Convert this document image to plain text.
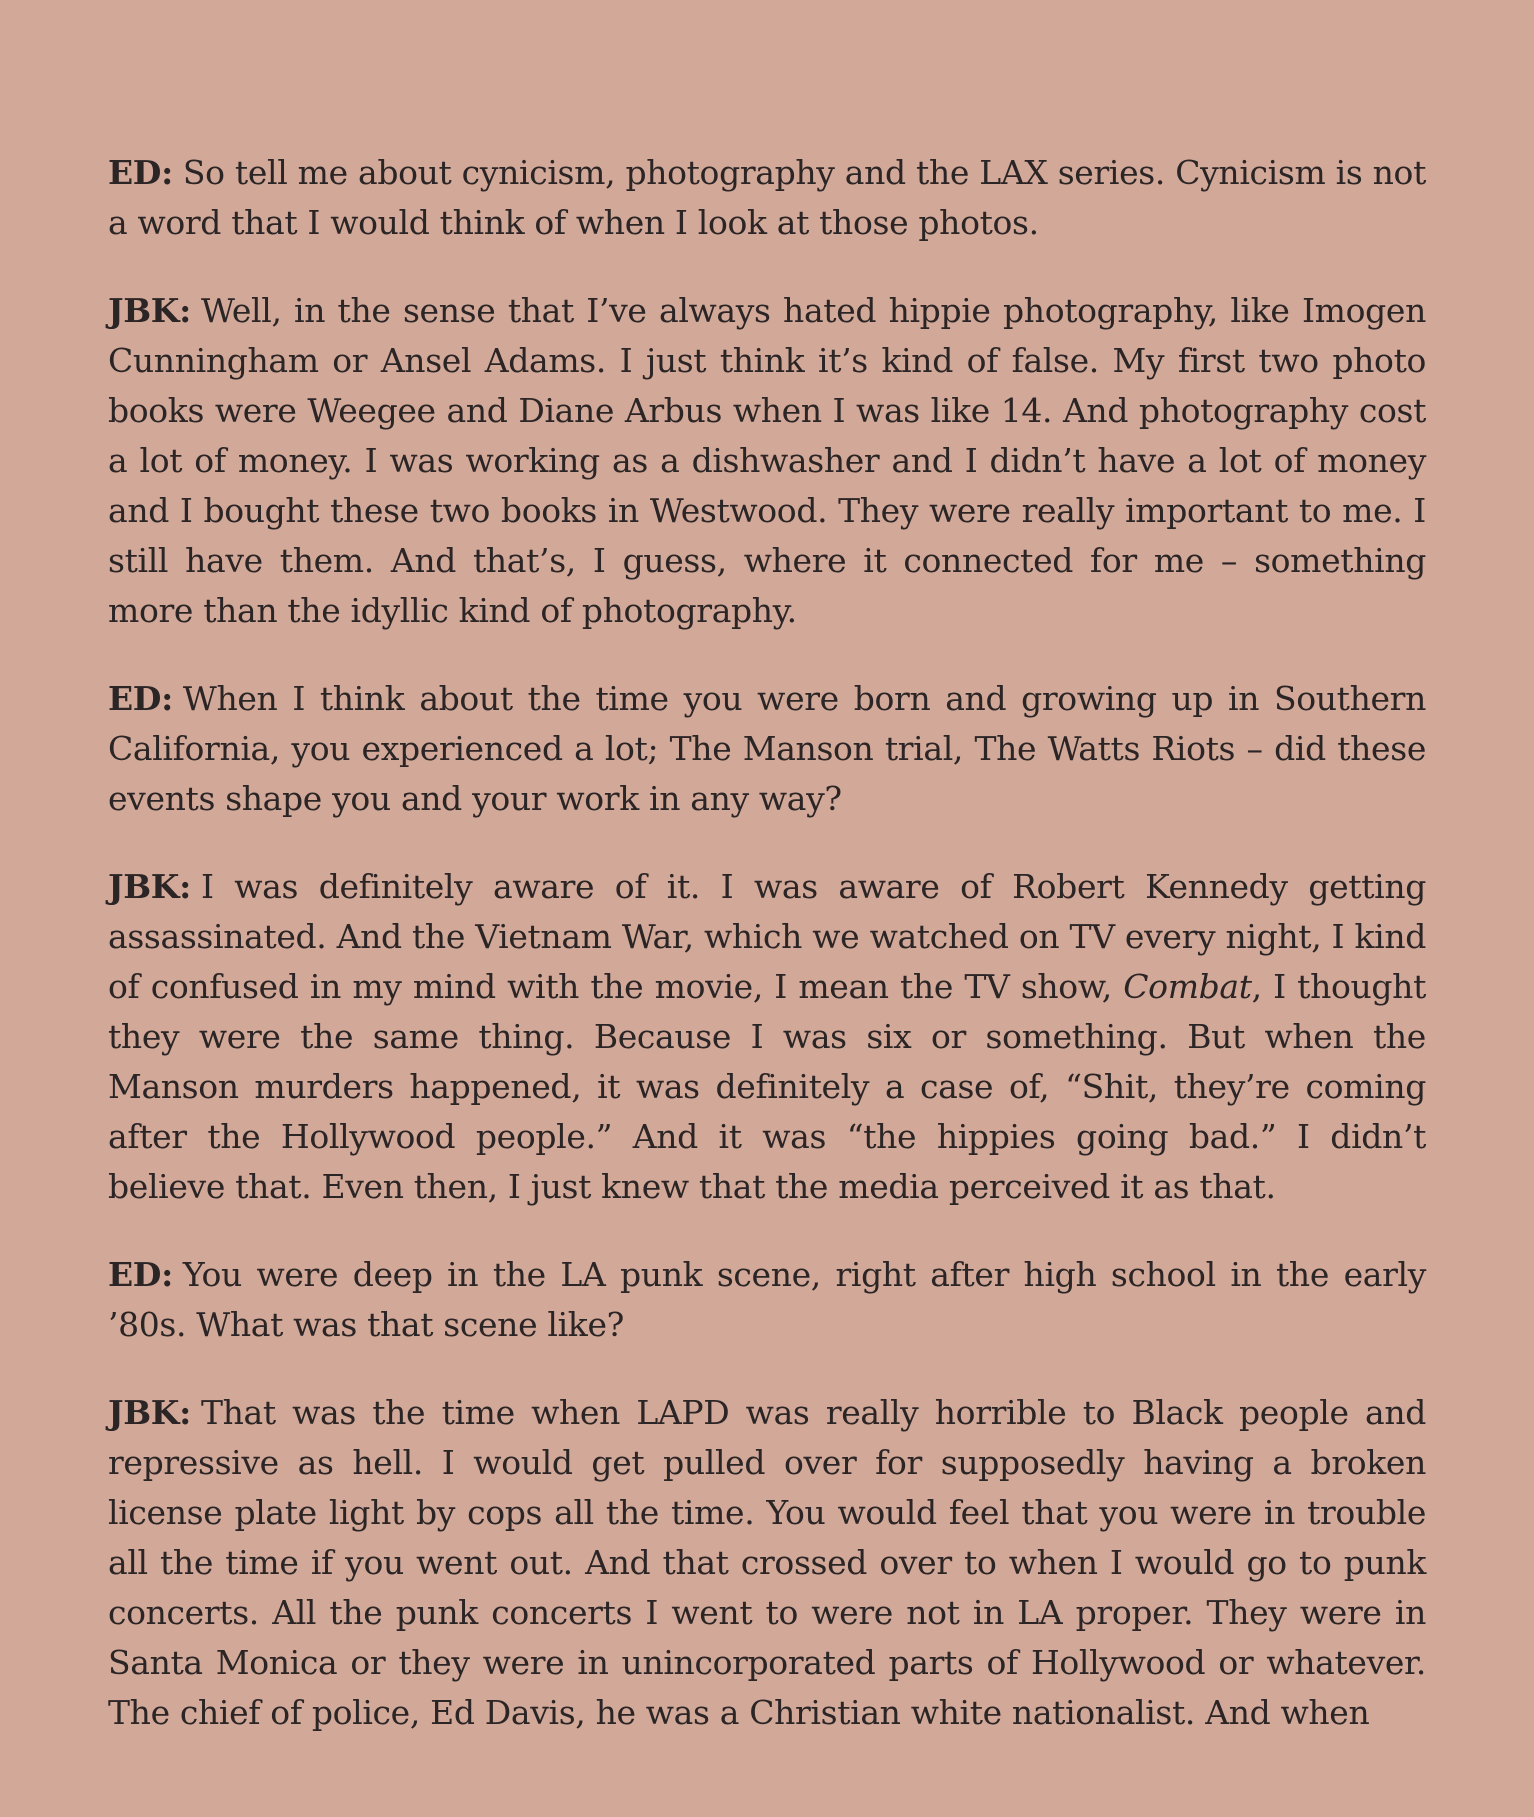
ED: So tell me about cynicism, photography and the LAX series. Cynicism is not a word that I would think of when I look at those photos.

JBK: Well, in the sense that I’ve always hated hippie photography, like Imogen Cunningham or Ansel Adams. I just think it’s kind of false. My first two photo books were Weegee and Diane Arbus when I was like 14. And photography cost a lot of money. I was working as a dishwasher and I didn’t have a lot of money and I bought these two books in Westwood. They were really important to me. I still have them. And that’s, I guess, where it connected for me – something more than the idyllic kind of photography.

ED: When I think about the time you were born and growing up in Southern California, you experienced a lot; The Manson trial, The Watts Riots – did these events shape you and your work in any way?

JBK: I was definitely aware of it. I was aware of Robert Kennedy getting assassinated. And the Vietnam War, which we watched on TV every night, I kind of confused in my mind with the movie, I mean the TV show, Combat, I thought they were the same thing. Because I was six or something. But when the Manson murders happened, it was definitely a case of, “Shit, they’re coming after the Hollywood people.” And it was “the hippies going bad.” I didn’t believe that. Even then, I just knew that the media perceived it as that.

ED: You were deep in the LA punk scene, right after high school in the early ’80s. What was that scene like?

JBK: That was the time when LAPD was really horrible to Black people and repressive as hell. I would get pulled over for supposedly having a broken license plate light by cops all the time. You would feel that you were in trouble all the time if you went out. And that crossed over to when I would go to punk concerts. All the punk concerts I went to were not in LA proper. They were in Santa Monica or they were in unincorporated parts of Hollywood or whatever. The chief of police, Ed Davis, he was a Christian white nationalist. And when
